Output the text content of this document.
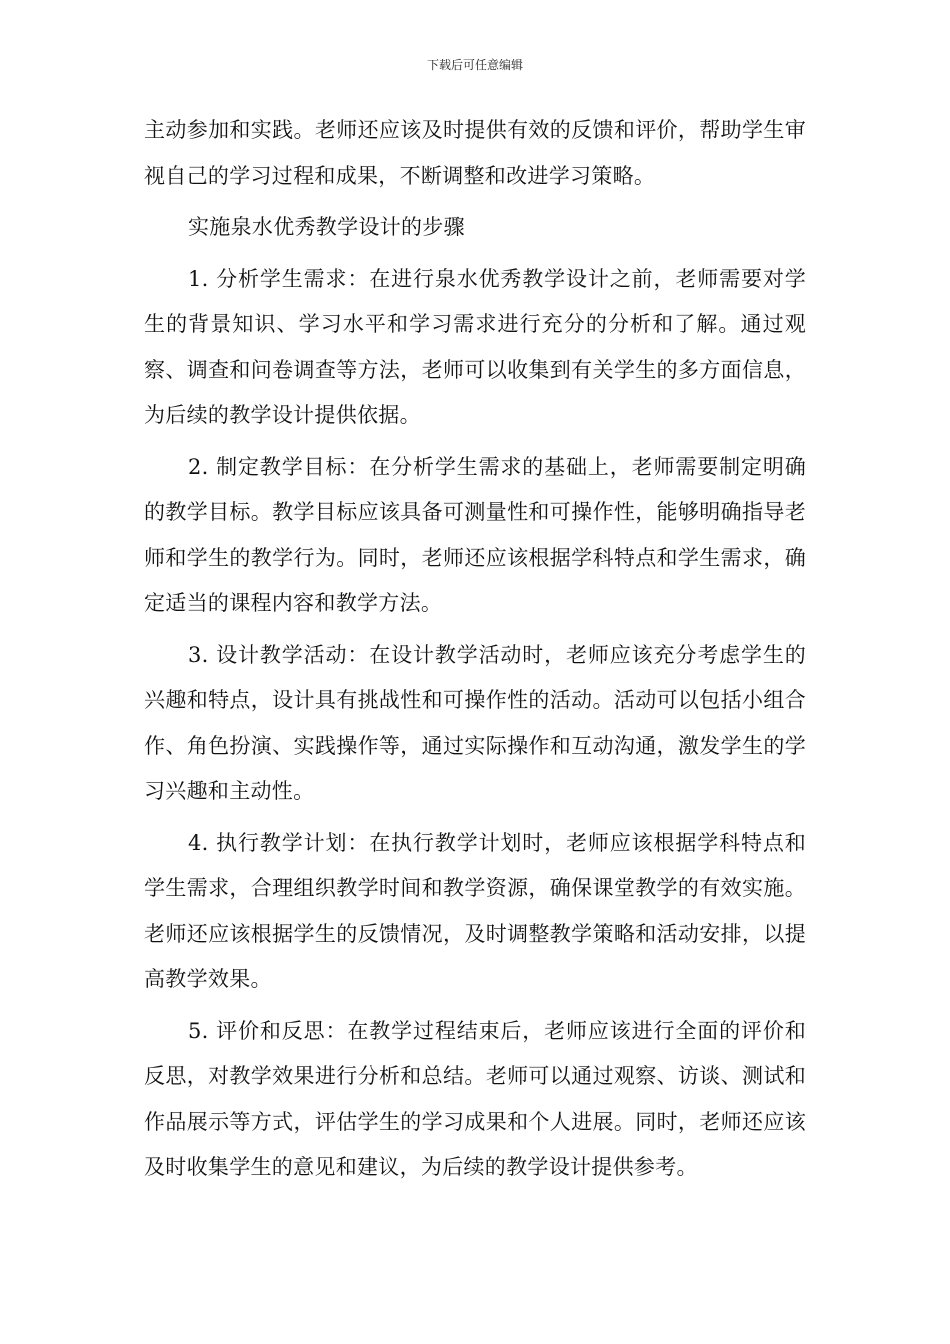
下载后可任意编辑

主动参加和实践。老师还应该及时提供有效的反馈和评价，帮助学生审视自己的学习过程和成果，不断调整和改进学习策略。

实施泉水优秀教学设计的步骤

1. 分析学生需求：在进行泉水优秀教学设计之前，老师需要对学生的背景知识、学习水平和学习需求进行充分的分析和了解。通过观察、调查和问卷调查等方法，老师可以收集到有关学生的多方面信息，为后续的教学设计提供依据。

2. 制定教学目标：在分析学生需求的基础上，老师需要制定明确的教学目标。教学目标应该具备可测量性和可操作性，能够明确指导老师和学生的教学行为。同时，老师还应该根据学科特点和学生需求，确定适当的课程内容和教学方法。

3. 设计教学活动：在设计教学活动时，老师应该充分考虑学生的兴趣和特点，设计具有挑战性和可操作性的活动。活动可以包括小组合作、角色扮演、实践操作等，通过实际操作和互动沟通，激发学生的学习兴趣和主动性。

4. 执行教学计划：在执行教学计划时，老师应该根据学科特点和学生需求，合理组织教学时间和教学资源，确保课堂教学的有效实施。老师还应该根据学生的反馈情况，及时调整教学策略和活动安排，以提高教学效果。

5. 评价和反思：在教学过程结束后，老师应该进行全面的评价和反思，对教学效果进行分析和总结。老师可以通过观察、访谈、测试和作品展示等方式，评估学生的学习成果和个人进展。同时，老师还应该及时收集学生的意见和建议，为后续的教学设计提供参考。
